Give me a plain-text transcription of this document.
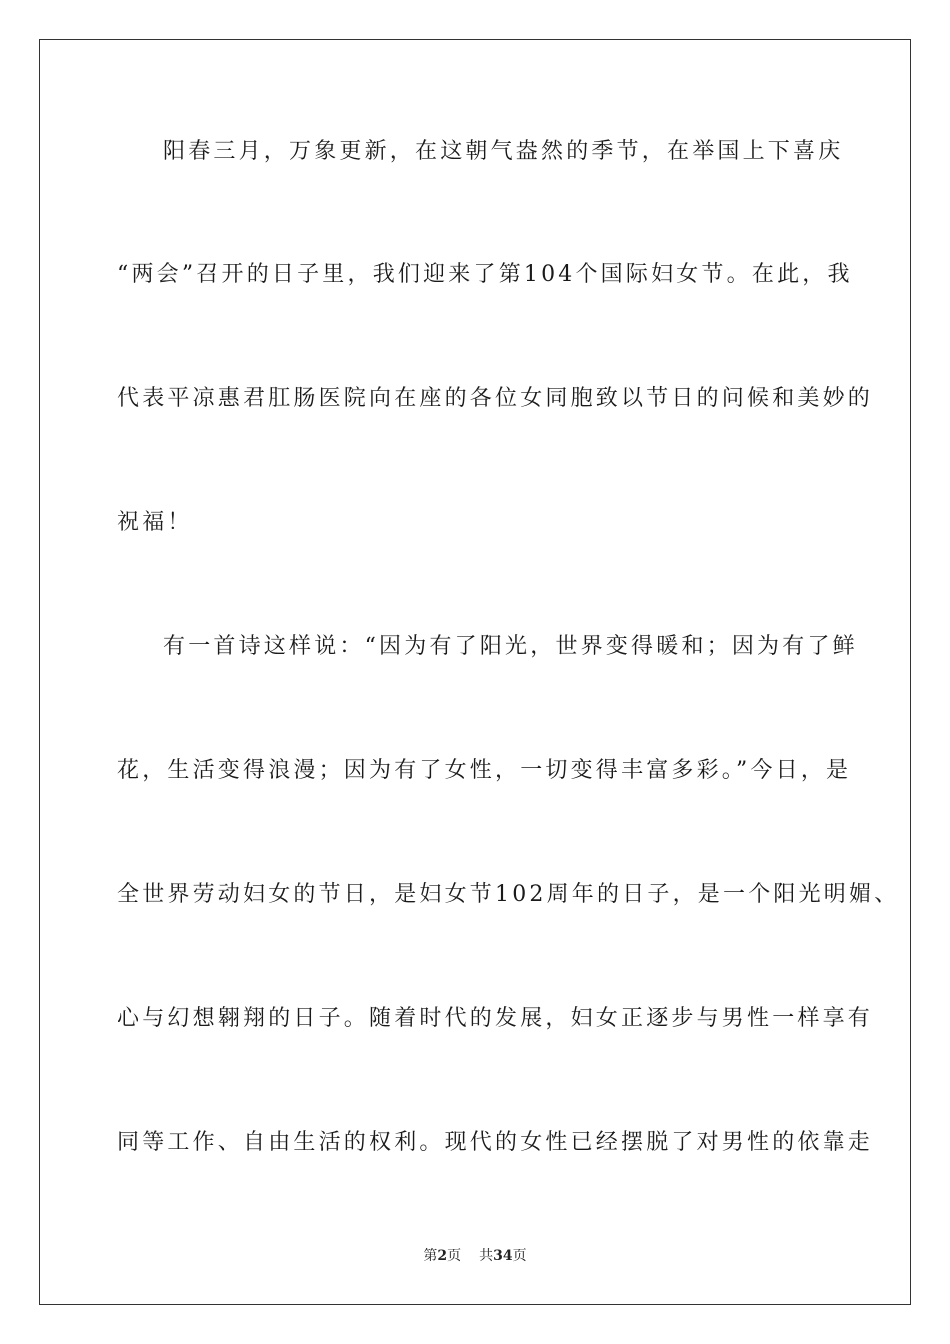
阳春三月，万象更新，在这朝气盎然的季节，在举国上下喜庆
“两会”召开的日子里，我们迎来了第104个国际妇女节。在此，我
代表平凉惠君肛肠医院向在座的各位女同胞致以节日的问候和美妙的
祝福！
有一首诗这样说：“因为有了阳光，世界变得暖和；因为有了鲜
花，生活变得浪漫；因为有了女性，一切变得丰富多彩。”今日，是
全世界劳动妇女的节日，是妇女节102周年的日子，是一个阳光明媚、
心与幻想翱翔的日子。随着时代的发展，妇女正逐步与男性一样享有
同等工作、自由生活的权利。现代的女性已经摆脱了对男性的依靠走
第2页 共34页
